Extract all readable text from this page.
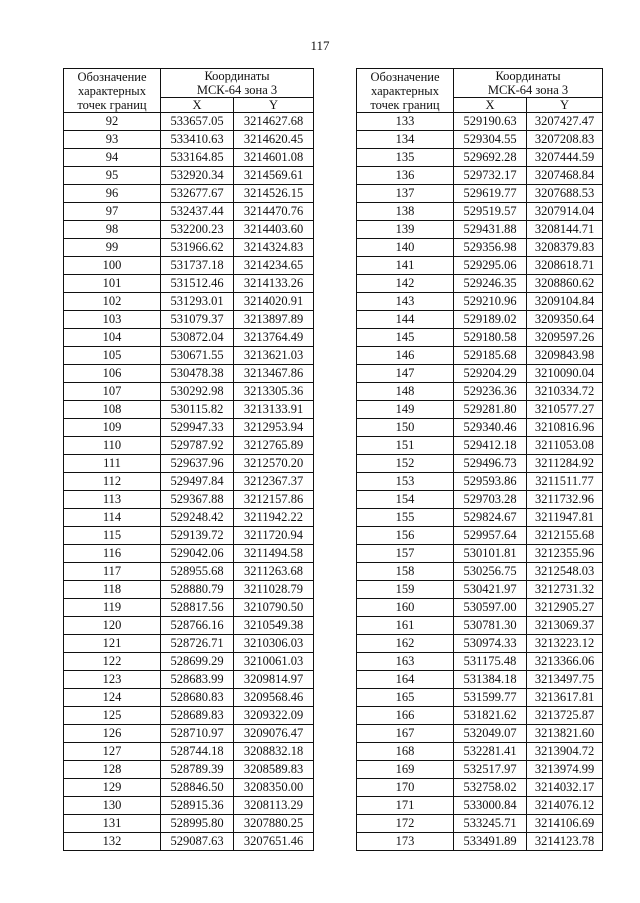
117
Обозначение
характерных
точек границ	Координаты
МСК-64 зона 3	
	X	Y
92	533657.05	3214627.68
93	533410.63	3214620.45
94	533164.85	3214601.08
95	532920.34	3214569.61
96	532677.67	3214526.15
97	532437.44	3214470.76
98	532200.23	3214403.60
99	531966.62	3214324.83
100	531737.18	3214234.65
101	531512.46	3214133.26
102	531293.01	3214020.91
103	531079.37	3213897.89
104	530872.04	3213764.49
105	530671.55	3213621.03
106	530478.38	3213467.86
107	530292.98	3213305.36
108	530115.82	3213133.91
109	529947.33	3212953.94
110	529787.92	3212765.89
111	529637.96	3212570.20
112	529497.84	3212367.37
113	529367.88	3212157.86
114	529248.42	3211942.22
115	529139.72	3211720.94
116	529042.06	3211494.58
117	528955.68	3211263.68
118	528880.79	3211028.79
119	528817.56	3210790.50
120	528766.16	3210549.38
121	528726.71	3210306.03
122	528699.29	3210061.03
123	528683.99	3209814.97
124	528680.83	3209568.46
125	528689.83	3209322.09
126	528710.97	3209076.47
127	528744.18	3208832.18
128	528789.39	3208589.83
129	528846.50	3208350.00
130	528915.36	3208113.29
131	528995.80	3207880.25
132	529087.63	3207651.46
Обозначение
характерных
точек границ	Координаты
МСК-64 зона 3	
	X	Y
133	529190.63	3207427.47
134	529304.55	3207208.83
135	529692.28	3207444.59
136	529732.17	3207468.84
137	529619.77	3207688.53
138	529519.57	3207914.04
139	529431.88	3208144.71
140	529356.98	3208379.83
141	529295.06	3208618.71
142	529246.35	3208860.62
143	529210.96	3209104.84
144	529189.02	3209350.64
145	529180.58	3209597.26
146	529185.68	3209843.98
147	529204.29	3210090.04
148	529236.36	3210334.72
149	529281.80	3210577.27
150	529340.46	3210816.96
151	529412.18	3211053.08
152	529496.73	3211284.92
153	529593.86	3211511.77
154	529703.28	3211732.96
155	529824.67	3211947.81
156	529957.64	3212155.68
157	530101.81	3212355.96
158	530256.75	3212548.03
159	530421.97	3212731.32
160	530597.00	3212905.27
161	530781.30	3213069.37
162	530974.33	3213223.12
163	531175.48	3213366.06
164	531384.18	3213497.75
165	531599.77	3213617.81
166	531821.62	3213725.87
167	532049.07	3213821.60
168	532281.41	3213904.72
169	532517.97	3213974.99
170	532758.02	3214032.17
171	533000.84	3214076.12
172	533245.71	3214106.69
173	533491.89	3214123.78
